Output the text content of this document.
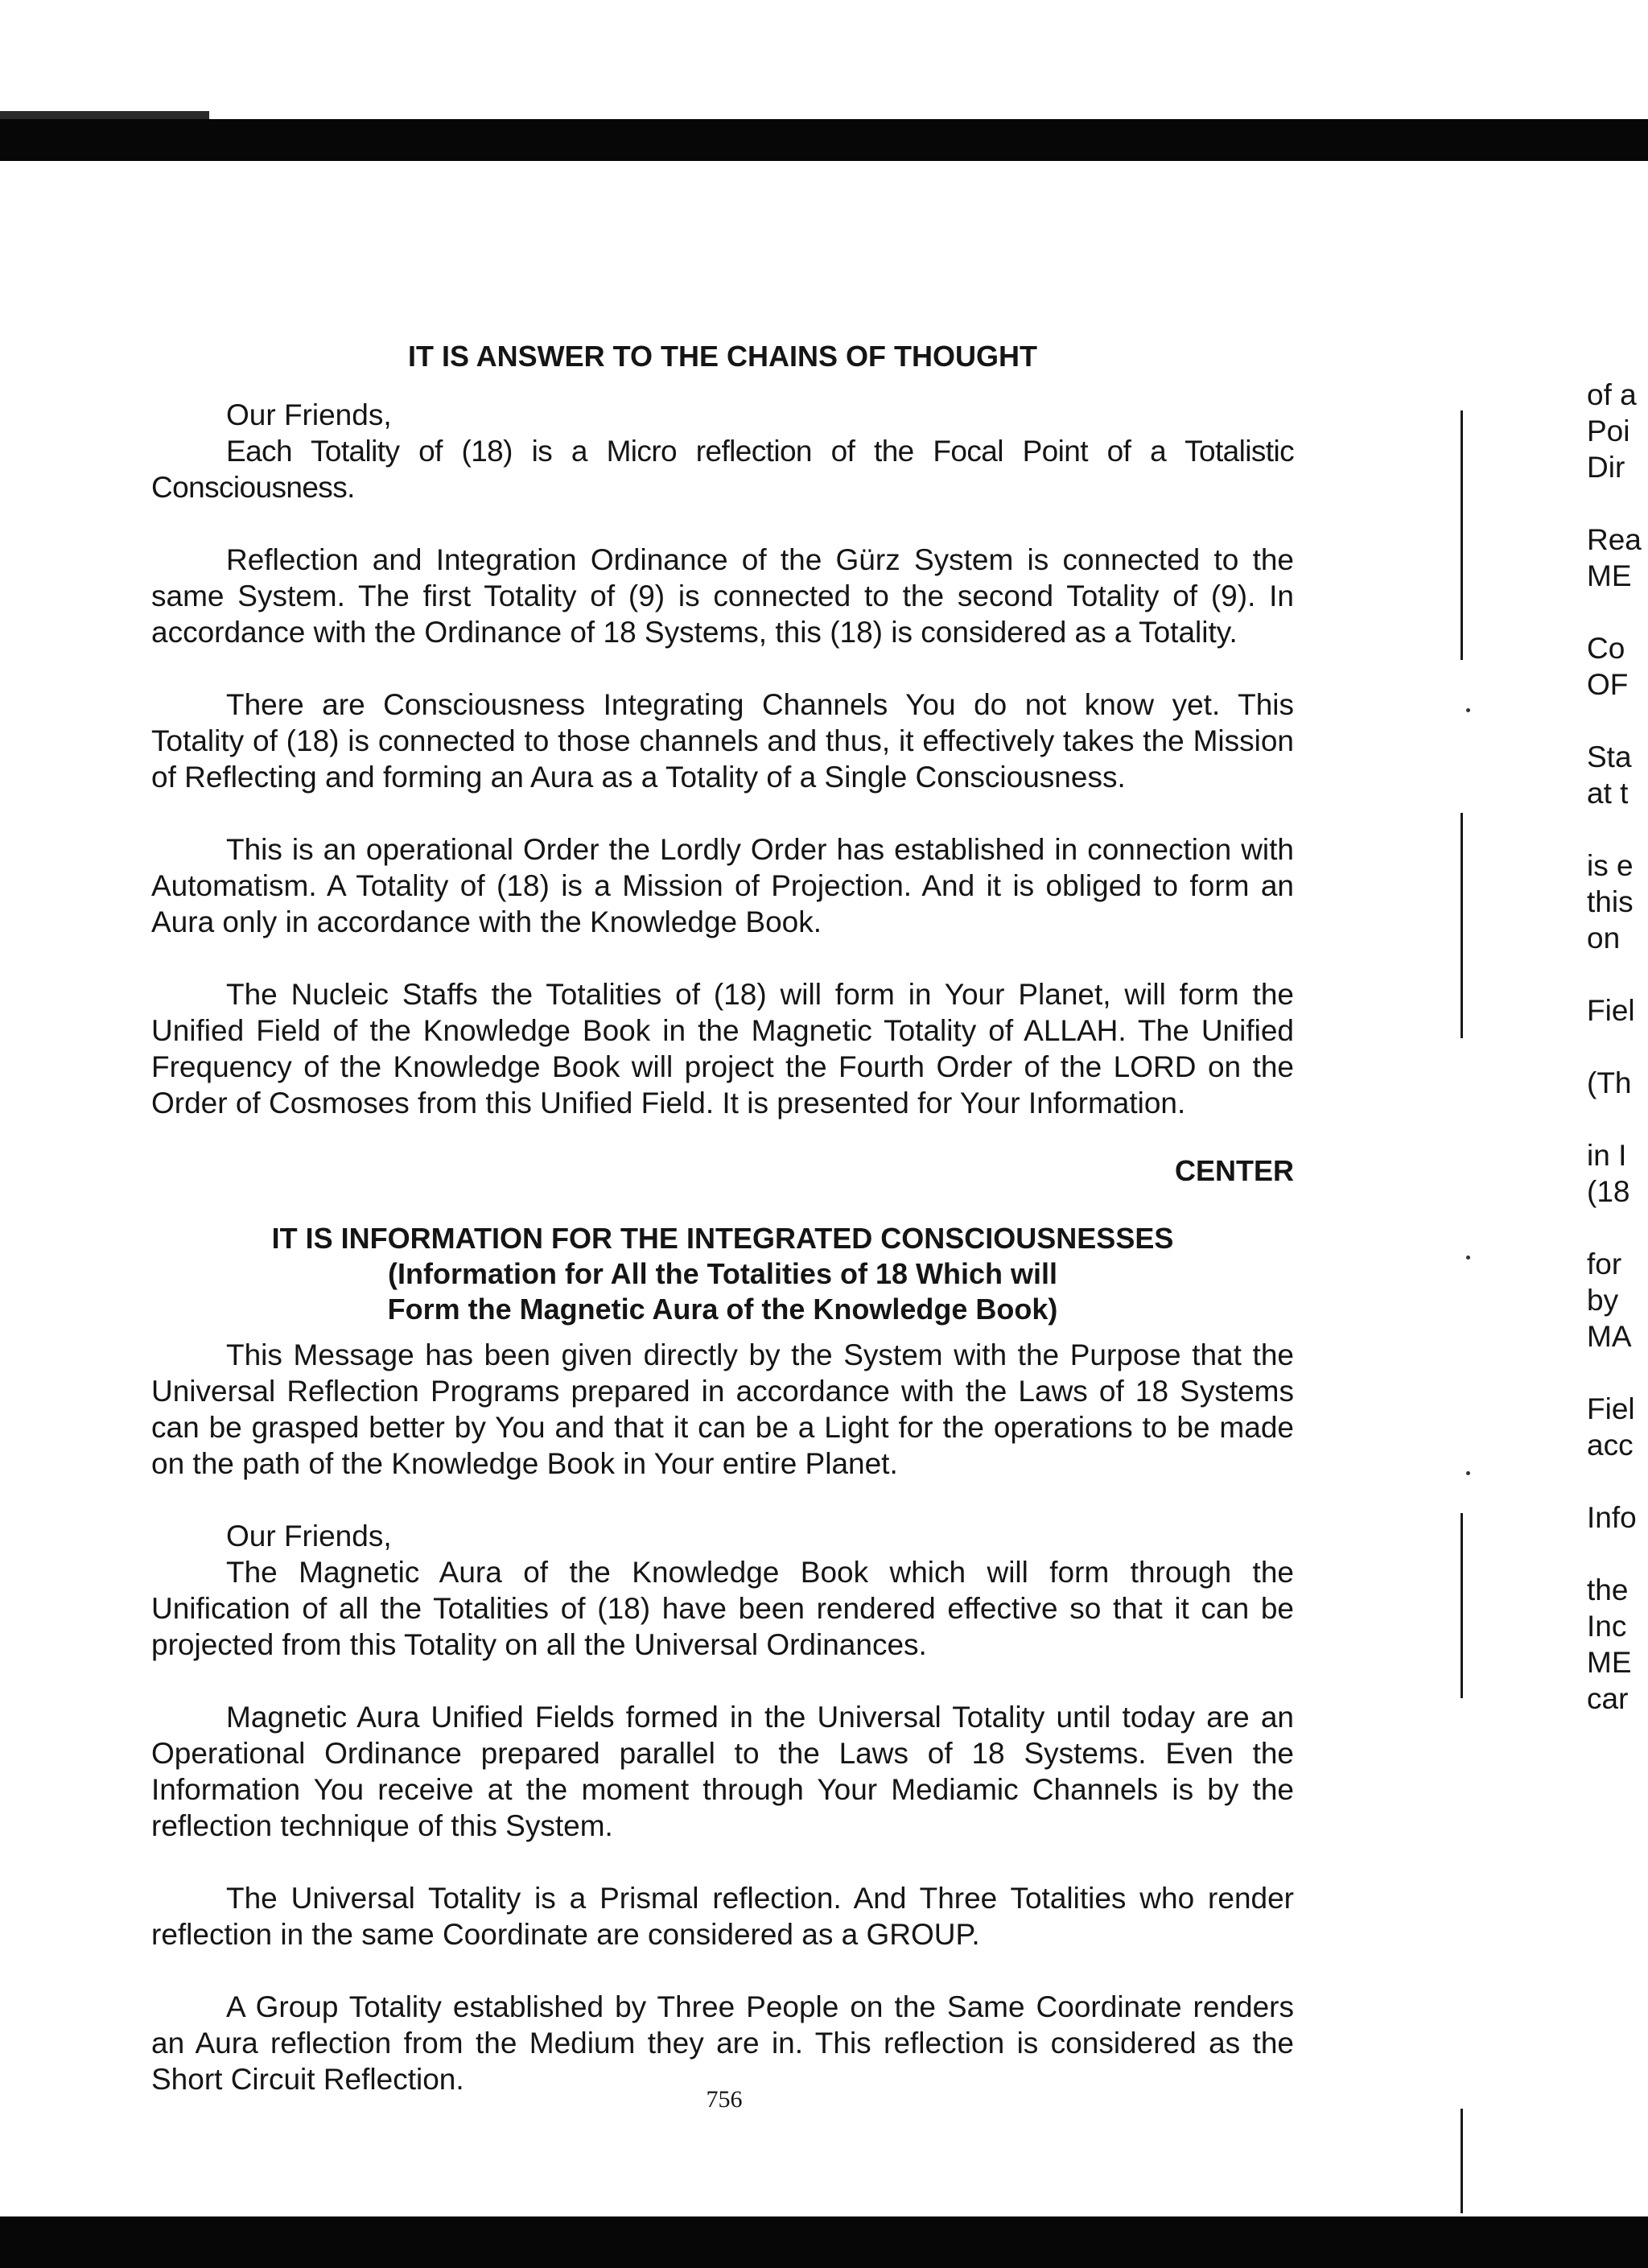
IT IS ANSWER TO THE CHAINS OF THOUGHT

Our Friends,

Each Totality of (18) is a Micro reflection of the Focal Point of a Totalistic Consciousness.

Reflection and Integration Ordinance of the Gürz System is connected to the same System. The first Totality of (9) is connected to the second Totality of (9). In accordance with the Ordinance of 18 Systems, this (18) is considered as a Totality.

There are Consciousness Integrating Channels You do not know yet. This Totality of (18) is connected to those channels and thus, it effectively takes the Mission of Reflecting and forming an Aura as a Totality of a Single Consciousness.

This is an operational Order the Lordly Order has established in connection with Automatism. A Totality of (18) is a Mission of Projection. And it is obliged to form an Aura only in accordance with the Knowledge Book.

The Nucleic Staffs the Totalities of (18) will form in Your Planet, will form the Unified Field of the Knowledge Book in the Magnetic Totality of ALLAH. The Unified Frequency of the Knowledge Book will project the Fourth Order of the LORD on the Order of Cosmoses from this Unified Field. It is presented for Your Information.

CENTER
IT IS INFORMATION FOR THE INTEGRATED CONSCIOUSNESSES
(Information for All the Totalities of 18 Which will
Form the Magnetic Aura of the Knowledge Book)

This Message has been given directly by the System with the Purpose that the Universal Reflection Programs prepared in accordance with the Laws of 18 Systems can be grasped better by You and that it can be a Light for the operations to be made on the path of the Knowledge Book in Your entire Planet.

Our Friends,

The Magnetic Aura of the Knowledge Book which will form through the Unification of all the Totalities of (18) have been rendered effective so that it can be projected from this Totality on all the Universal Ordinances.

Magnetic Aura Unified Fields formed in the Universal Totality until today are an Operational Ordinance prepared parallel to the Laws of 18 Systems. Even the Information You receive at the moment through Your Mediamic Channels is by the reflection technique of this System.

The Universal Totality is a Prismal reflection. And Three Totalities who render reflection in the same Coordinate are considered as a GROUP.

A Group Totality established by Three People on the Same Coordinate renders an Aura reflection from the Medium they are in. This reflection is considered as the Short Circuit Reflection.

756
of a
Poi
Dir

Rea
ME

Co
OF

Sta
at t

is e
this
on

Fiel

(Th

in I
(18

for
by
MA

Fiel
acc

Info

the
Inc
ME
car
